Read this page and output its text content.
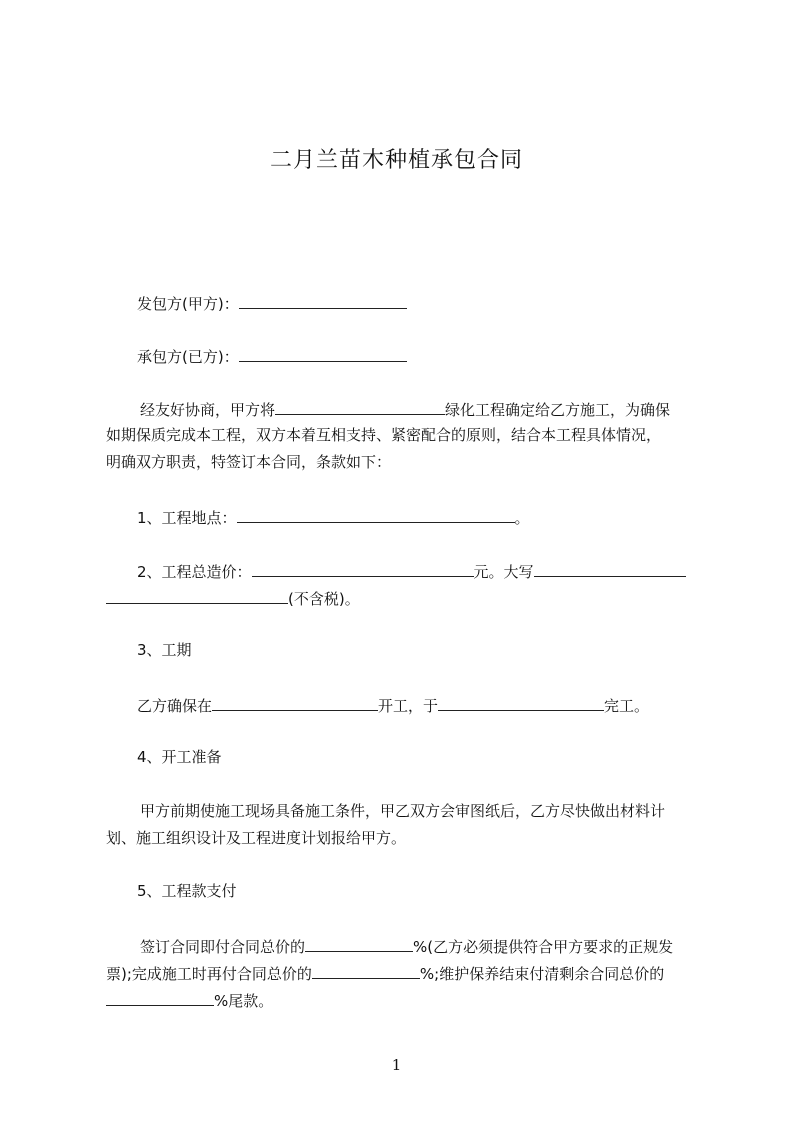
二月兰苗木种植承包合同
发包方(甲方)：
承包方(已方)：
经友好协商，甲方将	绿化工程确定给乙方施工，为确保
如期保质完成本工程，双方本着互相支持、紧密配合的原则，结合本工程具体情况，
明确双方职责，特签订本合同，条款如下：
1、工程地点：	。
2、工程总造价：	元。大写
(不含税)。
3、工期
乙方确保在	开工，于	完工。
4、开工准备
甲方前期使施工现场具备施工条件，甲乙双方会审图纸后，乙方尽快做出材料计
划、施工组织设计及工程进度计划报给甲方。
5、工程款支付
签订合同即付合同总价的	%(乙方必须提供符合甲方要求的正规发
票);完成施工时再付合同总价的	%;维护保养结束付清剩余合同总价的
%尾款。
1
